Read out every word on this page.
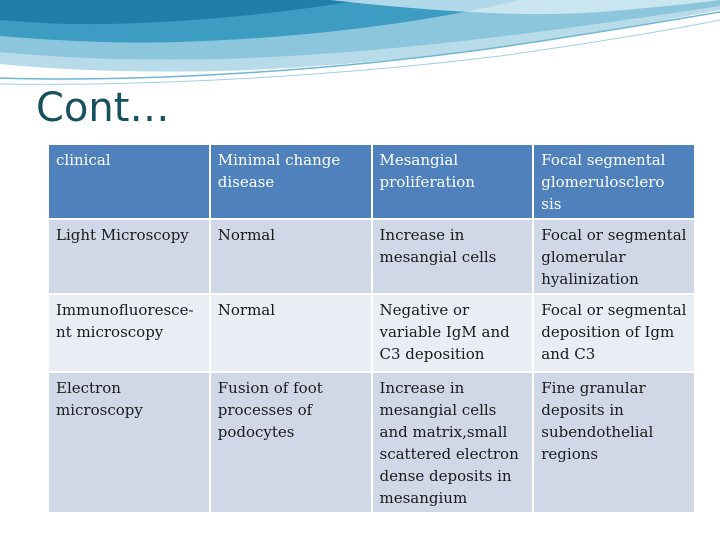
Cont…
clinical	Minimal change disease	Mesangial proliferation	Focal segmental glomerulosclero sis
Light Microscopy	Normal	Increase in mesangial cells	Focal or segmental glomerular hyalinization
Immunofluoresce-nt microscopy	Normal	Negative or variable IgM and C3 deposition	Focal or segmental deposition of Igm and C3
Electron microscopy	Fusion of foot processes of podocytes	Increase in mesangial cells and matrix,small scattered electron dense deposits in mesangium	Fine granular deposits in subendothelial regions
